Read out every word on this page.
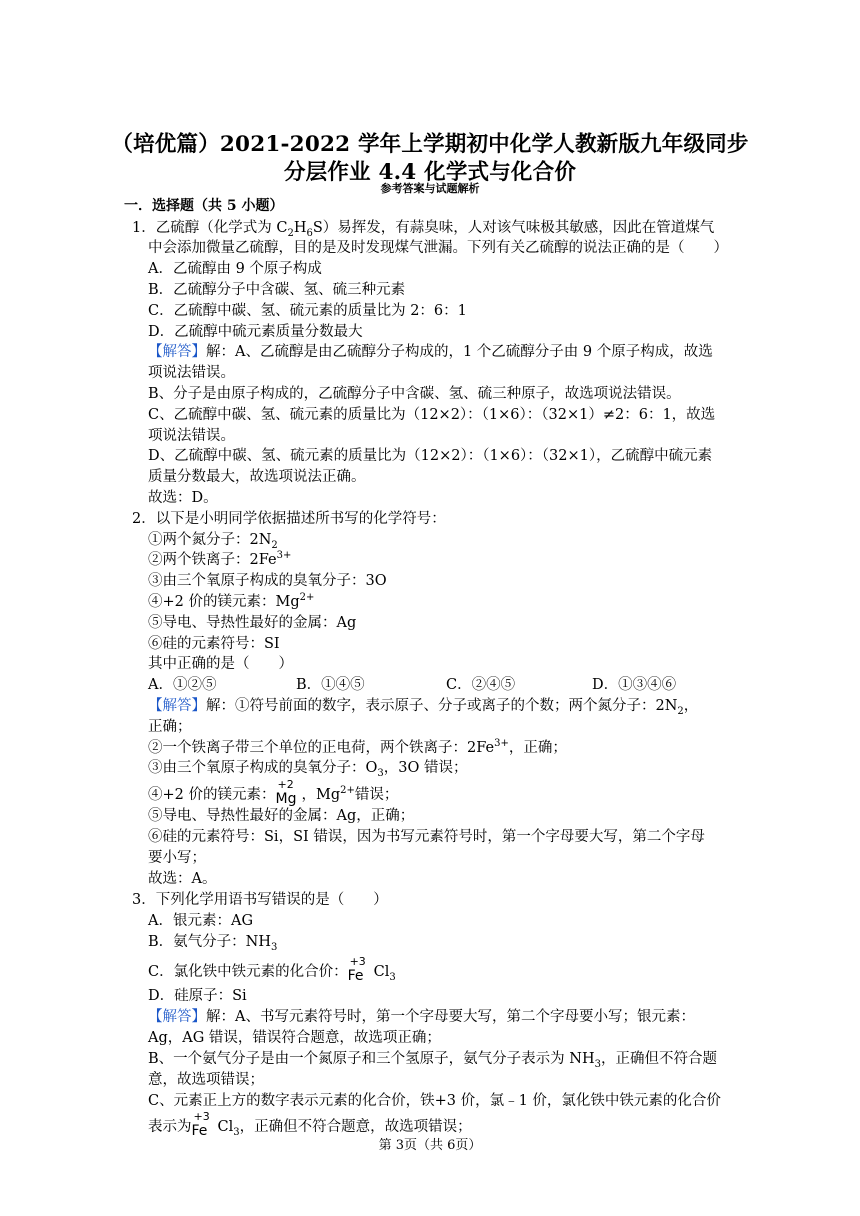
（培优篇）2021-2022 学年上学期初中化学人教新版九年级同步
分层作业 4.4 化学式与化合价
参考答案与试题解析
一．选择题（共 5 小题）
1．乙硫醇（化学式为 $C_2H_6S$）易挥发，有蒜臭味，人对该气味极其敏感，因此在管道煤气
中会添加微量乙硫醇，目的是及时发现煤气泄漏。下列有关乙硫醇的说法正确的是（　　）
A．乙硫醇由 9 个原子构成
B．乙硫醇分子中含碳、氢、硫三种元素
C．乙硫醇中碳、氢、硫元素的质量比为 2：6：1
D．乙硫醇中硫元素质量分数最大
【解答】解：A、乙硫醇是由乙硫醇分子构成的，1 个乙硫醇分子由 9 个原子构成，故选
项说法错误。
B、分子是由原子构成的，乙硫醇分子中含碳、氢、硫三种原子，故选项说法错误。
C、乙硫醇中碳、氢、硫元素的质量比为（12×2）：（1×6）：（32×1）≠2：6：1，故选
项说法错误。
D、乙硫醇中碳、氢、硫元素的质量比为（12×2）：（1×6）：（32×1），乙硫醇中硫元素
质量分数最大，故选项说法正确。
故选：D。
2．以下是小明同学依据描述所书写的化学符号：
①两个氮分子：$2N_2$
②两个铁离子：$2Fe^{3+}$
③由三个氧原子构成的臭氧分子：3O
④+2 价的镁元素：$Mg^{2+}$
⑤导电、导热性最好的金属：Ag
⑥硅的元素符号：SI
其中正确的是（　　）
A．①②⑤	B．①④⑤	C．②④⑤	D．①③④⑥
【解答】解：①符号前面的数字，表示原子、分子或离子的个数；两个氮分子：$2N_2$，
正确；
②一个铁离子带三个单位的正电荷，两个铁离子：$2Fe^{3+}$，正确；
③由三个氧原子构成的臭氧分子：$O_3$，3O 错误；
④+2 价的镁元素：
+2
Mg ，$Mg^{2+}$错误；
⑤导电、导热性最好的金属：Ag，正确；
⑥硅的元素符号：Si，SI 错误，因为书写元素符号时，第一个字母要大写，第二个字母
要小写；
故选：A。
3．下列化学用语书写错误的是（　　）
A．银元素：AG
B．氨气分子：$NH_3$
C．氯化铁中铁元素的化合价：
+3
Fe $Cl_3$
D．硅原子：Si
【解答】解：A、书写元素符号时，第一个字母要大写，第二个字母要小写；银元素：
Ag，AG 错误，错误符合题意，故选项正确；
B、一个氨气分子是由一个氮原子和三个氢原子，氨气分子表示为 $NH_3$，正确但不符合题
意，故选项错误；
C、元素正上方的数字表示元素的化合价，铁+3 价，氯﹣1 价，氯化铁中铁元素的化合价
表示为
+3
Fe $Cl_3$，正确但不符合题意，故选项错误；
第 3页（共 6页）
